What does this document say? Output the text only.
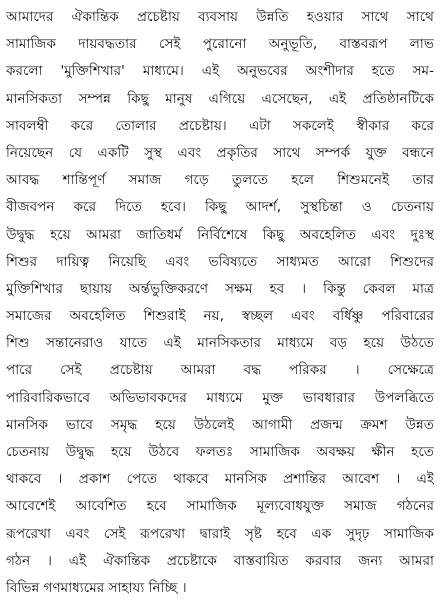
আমাদের ঐকান্তিক প্রচেষ্টায় ব্যবসায় উন্নতি হওয়ার সাথে সাথে
সামাজিক দায়বদ্ধতার সেই পুরোনো অনুভূতি, বাস্তবরূপ লাভ
করলো 'মুক্তিশিখার' মাধ্যমে। এই অনুভবের অংশীদার হতে সম-
মানসিকতা সম্পন্ন কিছু মানুষ এগিয়ে এসেছেন, এই প্রতিষ্ঠানটিকে
সাবলম্বী করে তোলার প্রচেষ্টায়। এটা সকলেই স্বীকার করে
নিয়েছেন যে একটি সুস্থ এবং প্রকৃতির সাথে সম্পর্ক যুক্ত বন্ধনে
আবদ্ধ শান্তিপূর্ণ সমাজ গড়ে তুলতে হলে শিশুমনেই তার
বীজবপন করে দিতে হবে। কিছু আদর্শ, সুস্থচিন্তা ও চেতনায়
উদ্বুদ্ধ হয়ে আমরা জাতিধর্ম নির্বিশেষে কিছু অবহেলিত এবং দুঃস্থ
শিশুর দায়িত্ব নিয়েছি এবং ভবিষ্যতে সাধ্যমত আরো শিশুদের
মুক্তিশিখার ছায়ায় অর্ন্তভুক্তিকরণে সক্ষম হব । কিন্তু কেবল মাত্র
সমাজের অবহেলিত শিশুরাই নয়, স্বচ্ছল এবং বর্ধিষ্ণু পরিবারের
শিশু সন্তানেরাও যাতে এই মানসিকতার মাধ্যমে বড় হয়ে উঠতে
পারে সেই প্রচেষ্টায় আমরা বদ্ধ পরিকর । সেক্ষেত্রে
পারিবারিকভাবে অভিভাবকদের মাধ্যমে মুক্ত ভাবধারার উপলব্ধিতে
মানসিক ভাবে সমৃদ্ধ হয়ে উঠলেই আগামী প্রজন্ম ক্রমশ উন্নত
চেতনায় উদ্বুদ্ধ হয়ে উঠবে ফলতঃ সামাজিক অবক্ষয় ক্ষীন হতে
থাকবে । প্রকাশ পেতে থাকবে মানসিক প্রশান্তির আবেশ । এই
আবেশেই আবেশিত হবে সামাজিক মূল্যবোধযুক্ত সমাজ গঠনের
রূপরেখা এবং সেই রূপরেখা দ্বারাই সৃষ্ট হবে এক সুদৃঢ় সামাজিক
গঠন । এই ঐকান্তিক প্রচেষ্টাকে বাস্তবায়িত করবার জন্য আমরা
বিভিন্ন গণমাধ্যমের সাহায্য নিচ্ছি ।
